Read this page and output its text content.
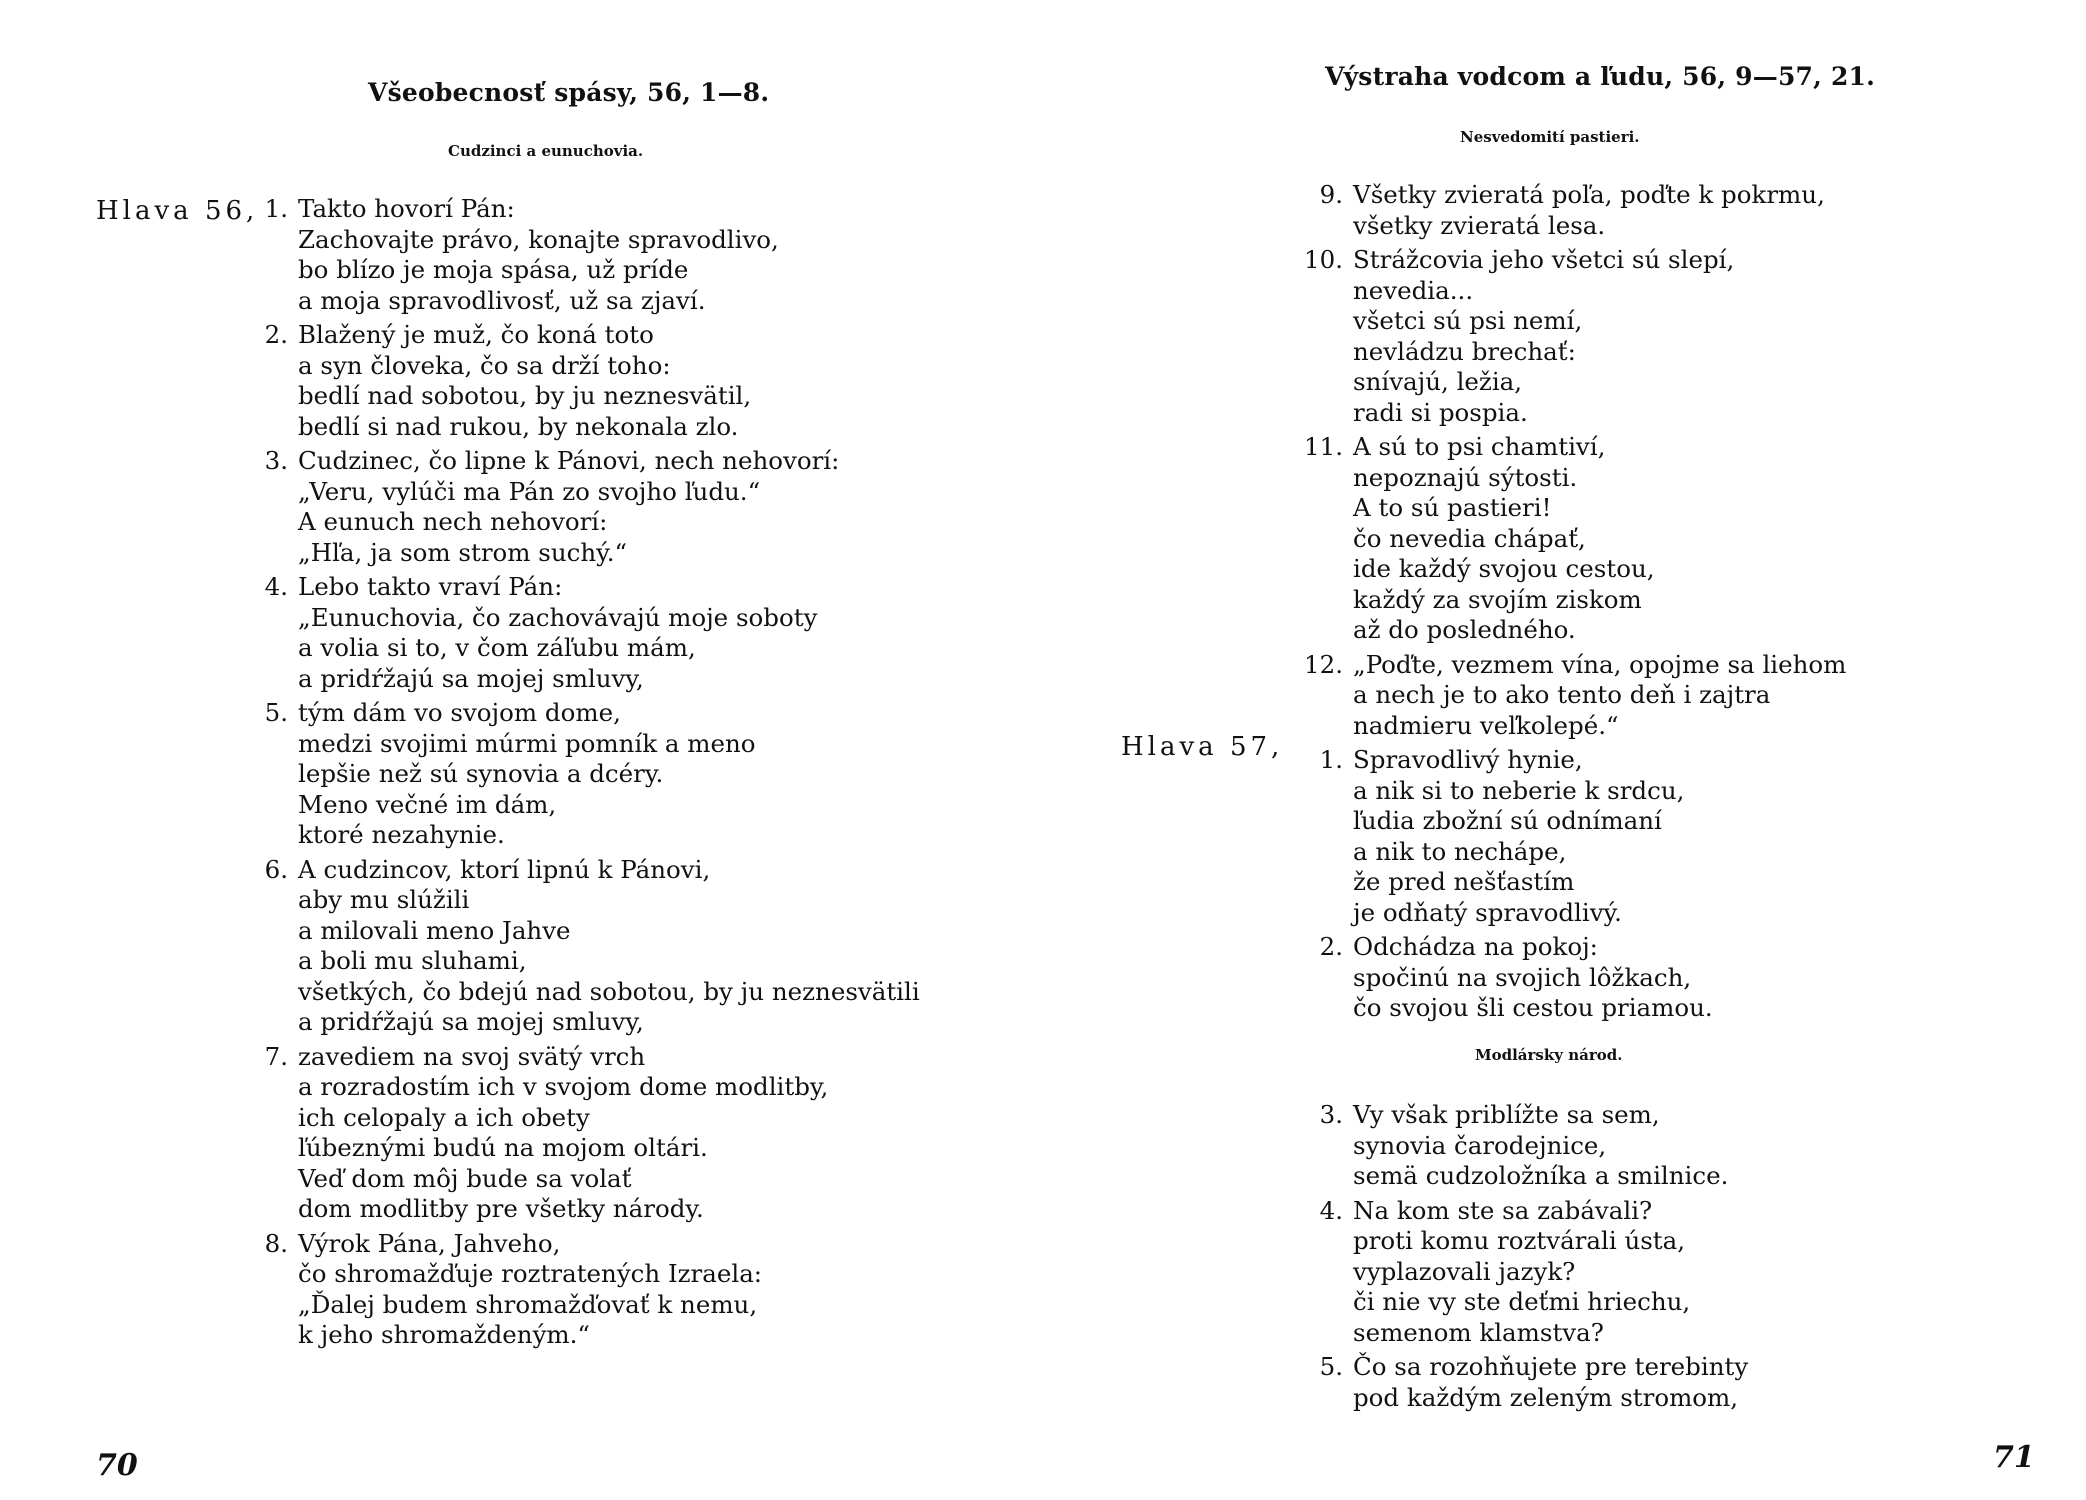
Všeobecnosť spásy, 56, 1—8.
Cudzinci a eunuchovia.
Hlava 56, 1. Takto hovorí Pán:
Zachovajte právo, konajte spravodlivo,
bo blízo je moja spása, už príde
a moja spravodlivosť, už sa zjaví.
2. Blažený je muž, čo koná toto
a syn človeka, čo sa drží toho:
bedlí nad sobotou, by ju neznesvätil,
bedlí si nad rukou, by nekonala zlo.
3. Cudzinec, čo lipne k Pánovi, nech nehovorí:
„Veru, vylúči ma Pán zo svojho ľudu.“
A eunuch nech nehovorí:
„Hľa, ja som strom suchý.“
4. Lebo takto vraví Pán:
„Eunuchovia, čo zachovávajú moje soboty
a volia si to, v čom záľubu mám,
a pridŕžajú sa mojej smluvy,
5. tým dám vo svojom dome,
medzi svojimi múrmi pomník a meno
lepšie než sú synovia a dcéry.
Meno večné im dám,
ktoré nezahynie.
6. A cudzincov, ktorí lipnú k Pánovi,
aby mu slúžili
a milovali meno Jahve
a boli mu sluhami,
všetkých, čo bdejú nad sobotou, by ju neznesvätili
a pridŕžajú sa mojej smluvy,
7. zavediem na svoj svätý vrch
a rozradostím ich v svojom dome modlitby,
ich celopaly a ich obety
ľúbeznými budú na mojom oltári.
Veď dom môj bude sa volať
dom modlitby pre všetky národy.
8. Výrok Pána, Jahveho,
čo shromažďuje roztratených Izraela:
„Ďalej budem shromažďovať k nemu,
k jeho shromaždeným.“
70
Výstraha vodcom a ľudu, 56, 9—57, 21.
Nesvedomití pastieri.
9. Všetky zvieratá poľa, poďte k pokrmu,
všetky zvieratá lesa.
10. Strážcovia jeho všetci sú slepí,
nevedia...
všetci sú psi nemí,
nevládzu brechať:
snívajú, ležia,
radi si pospia.
11. A sú to psi chamtiví,
nepoznajú sýtosti.
A to sú pastieri!
čo nevedia chápať,
ide každý svojou cestou,
každý za svojím ziskom
až do posledného.
12. „Poďte, vezmem vína, opojme sa liehom
a nech je to ako tento deň i zajtra
nadmieru veľkolepé.“
1. Spravodlivý hynie,
a nik si to neberie k srdcu,
ľudia zbožní sú odnímaní
a nik to nechápe,
že pred nešťastím
je odňatý spravodlivý.
2. Odchádza na pokoj:
spočinú na svojich lôžkach,
čo svojou šli cestou priamou.
Hlava 57,
Modlársky národ.
3. Vy však priblížte sa sem,
synovia čarodejnice,
semä cudzoložníka a smilnice.
4. Na kom ste sa zabávali?
proti komu roztvárali ústa,
vyplazovali jazyk?
či nie vy ste deťmi hriechu,
semenom klamstva?
5. Čo sa rozohňujete pre terebinty
pod každým zeleným stromom,
71
